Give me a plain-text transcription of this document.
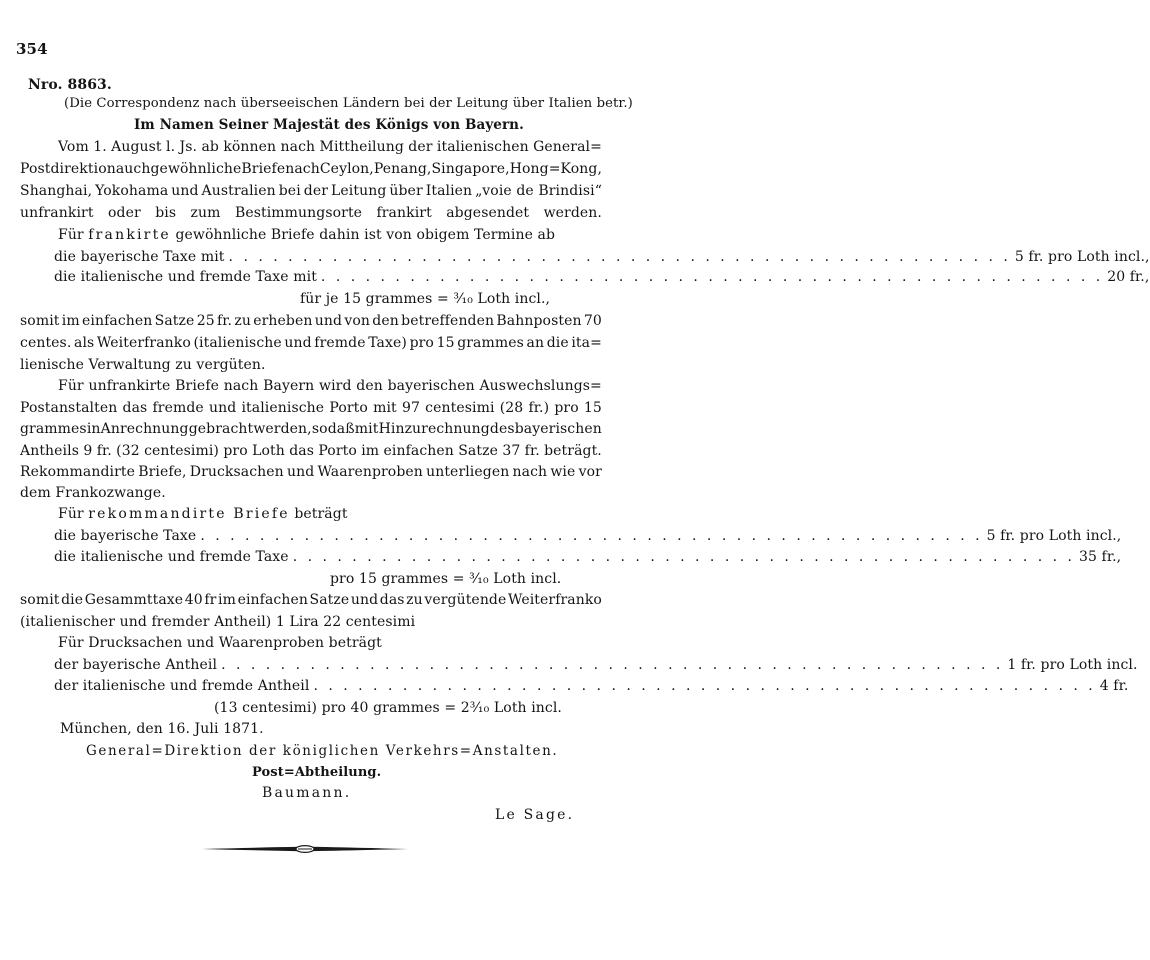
354
Nro. 8863.
(Die Correspondenz nach überseeischen Ländern bei der Leitung über Italien betr.)
Im Namen Seiner Majestät des Königs von Bayern.
Vom 1. August l. Js. ab können nach Mittheilung der italienischen General=
Postdirektion auch gewöhnliche Briefe nach Ceylon, Penang, Singapore, Hong=Kong,
Shanghai, Yokohama und Australien bei der Leitung über Italien „voie de Brindisi“
unfrankirt oder bis zum Bestimmungsorte frankirt abgesendet werden.
Für frankirte gewöhnliche Briefe dahin ist von obigem Termine ab
die bayerische Taxe mit . . . . . . . . . . . . . . . . . . . . . . . . . . . . . . . . . . . . . . . . . . . . . . . . . . . . . 5 fr. pro Loth incl.,
die italienische und fremde Taxe mit . . . . . . . . . . . . . . . . . . . . . . . . . . . . . . . . . . . . . . . . . . . . . . . . . . . . . 20 fr.,
für je 15 grammes = ³⁄₁₀ Loth incl.,
somit im einfachen Satze 25 fr. zu erheben und von den betreffenden Bahnposten 70
centes. als Weiterfranko (italienische und fremde Taxe) pro 15 grammes an die ita=
lienische Verwaltung zu vergüten.
Für unfrankirte Briefe nach Bayern wird den bayerischen Auswechslungs=
Postanstalten das fremde und italienische Porto mit 97 centesimi (28 fr.) pro 15
grammes in Anrechnung gebracht werden, so daß mit Hinzurechnung des bayerischen
Antheils 9 fr. (32 centesimi) pro Loth das Porto im einfachen Satze 37 fr. beträgt.
Rekommandirte Briefe, Drucksachen und Waarenproben unterliegen nach wie vor
dem Frankozwange.
Für rekommandirte Briefe beträgt
die bayerische Taxe . . . . . . . . . . . . . . . . . . . . . . . . . . . . . . . . . . . . . . . . . . . . . . . . . . . . . 5 fr. pro Loth incl.,
die italienische und fremde Taxe . . . . . . . . . . . . . . . . . . . . . . . . . . . . . . . . . . . . . . . . . . . . . . . . . . . . . 35 fr.,
pro 15 grammes = ³⁄₁₀ Loth incl.
somit die Gesammttaxe 40 fr im einfachen Satze und das zu vergütende Weiterfranko
(italienischer und fremder Antheil) 1 Lira 22 centesimi
Für Drucksachen und Waarenproben beträgt
der bayerische Antheil . . . . . . . . . . . . . . . . . . . . . . . . . . . . . . . . . . . . . . . . . . . . . . . . . . . . . 1 fr. pro Loth incl.
der italienische und fremde Antheil . . . . . . . . . . . . . . . . . . . . . . . . . . . . . . . . . . . . . . . . . . . . . . . . . . . . . 4 fr.
(13 centesimi) pro 40 grammes = 2³⁄₁₀ Loth incl.
München, den 16. Juli 1871.
General=Direktion der königlichen Verkehrs=Anstalten.
Post=Abtheilung.
Baumann.
Le Sage.
